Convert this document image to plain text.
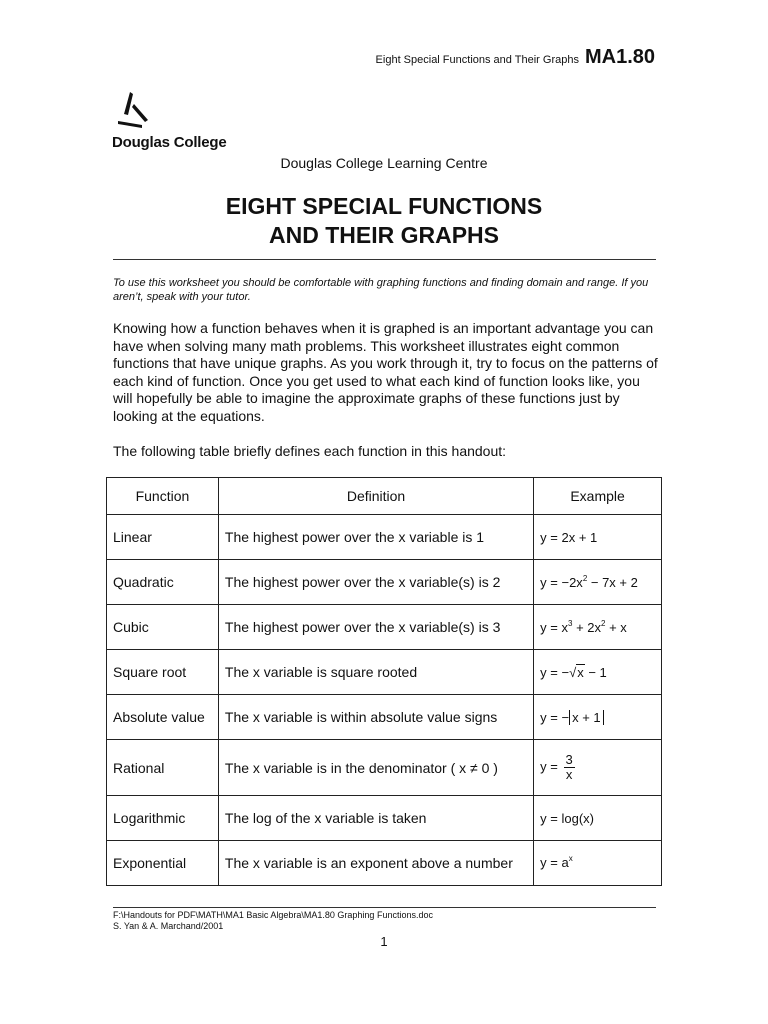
Eight Special Functions and Their Graphs MA1.80
Douglas College
Douglas College Learning Centre
EIGHT SPECIAL FUNCTIONS
AND THEIR GRAPHS
To use this worksheet you should be comfortable with graphing functions and finding domain and range. If you aren’t, speak with your tutor.
Knowing how a function behaves when it is graphed is an important advantage you can have when solving many math problems. This worksheet illustrates eight common functions that have unique graphs. As you work through it, try to focus on the patterns of each kind of function. Once you get used to what each kind of function looks like, you will hopefully be able to imagine the approximate graphs of these functions just by looking at the equations.
The following table briefly defines each function in this handout:
Function	Definition	Example
Linear	The highest power over the x variable is 1	y = 2x + 1
Quadratic	The highest power over the x variable(s) is 2	$y = -2x^2 - 7x + 2$
Cubic	The highest power over the x variable(s) is 3	$y = x^3 + 2x^2 + x$
Square root	The x variable is square rooted	y = −√x − 1
Absolute value	The x variable is within absolute value signs	y = − x + 1
Rational	The x variable is in the denominator ( x ≠ 0 )	$y = \frac{3}{x}$

Logarithmic	The log of the x variable is taken	y = log(x)
Exponential	The x variable is an exponent above a number	$y = a^x$
F:\Handouts for PDF\MATH\MA1 Basic Algebra\MA1.80 Graphing Functions.doc
S. Yan & A. Marchand/2001
1
